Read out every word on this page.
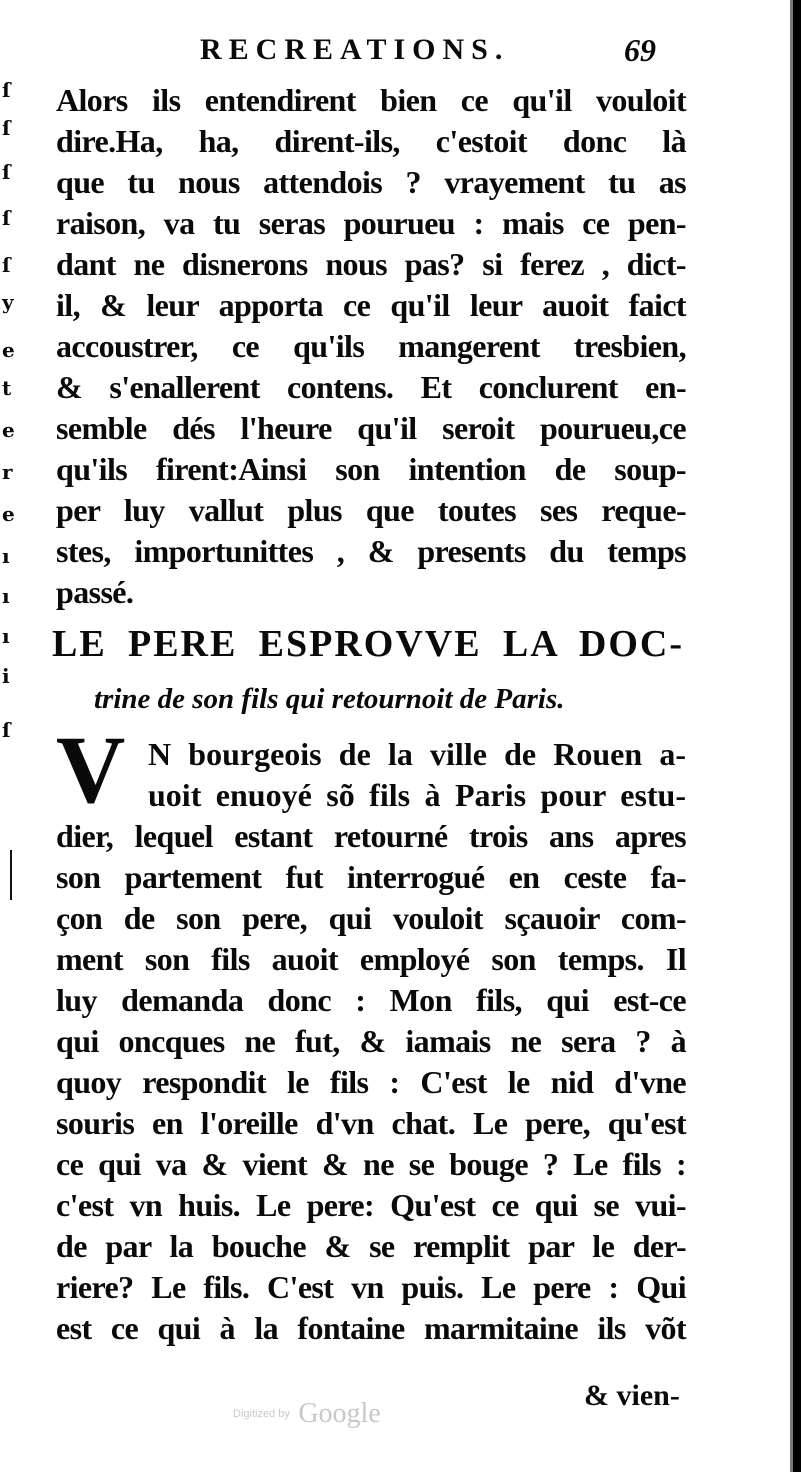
ſ
ſ
ſ
ſ
ſ
y
e
t
e
r
e
ı
ı
ı
i
ſ
RECREATIONS.	69
Alors ils entendirent bien ce qu'il vouloit
dire.Ha, ha, dirent-ils, c'estoit donc là
que tu nous attendois ? vrayement tu as
raison, va tu seras pourueu : mais ce pen-
dant ne disnerons nous pas? si ferez , dict-
il, & leur apporta ce qu'il leur auoit faict
accoustrer, ce qu'ils mangerent tresbien,
& s'enallerent contens. Et conclurent en-
semble dés l'heure qu'il seroit pourueu,ce
qu'ils firent:Ainsi son intention de soup-
per luy vallut plus que toutes ses reque-
stes, importunittes , & presents du temps
passé.
LE PERE ESPROVVE LA DOC-
trine de son fils qui retournoit de Paris.
V N bourgeois de la ville de Rouen a-
uoit enuoyé sõ fils à Paris pour estu-
dier, lequel estant retourné trois ans apres
son partement fut interrogué en ceste fa-
çon de son pere, qui vouloit sçauoir com-
ment son fils auoit employé son temps. Il
luy demanda donc : Mon fils, qui est-ce
qui oncques ne fut, & iamais ne sera ? à
quoy respondit le fils : C'est le nid d'vne
souris en l'oreille d'vn chat. Le pere, qu'est
ce qui va & vient & ne se bouge ? Le fils :
c'est vn huis. Le pere: Qu'est ce qui se vui-
de par la bouche & se remplit par le der-
riere? Le fils. C'est vn puis. Le pere : Qui
est ce qui à la fontaine marmitaine ils võt
& vien-
Digitized by Google
